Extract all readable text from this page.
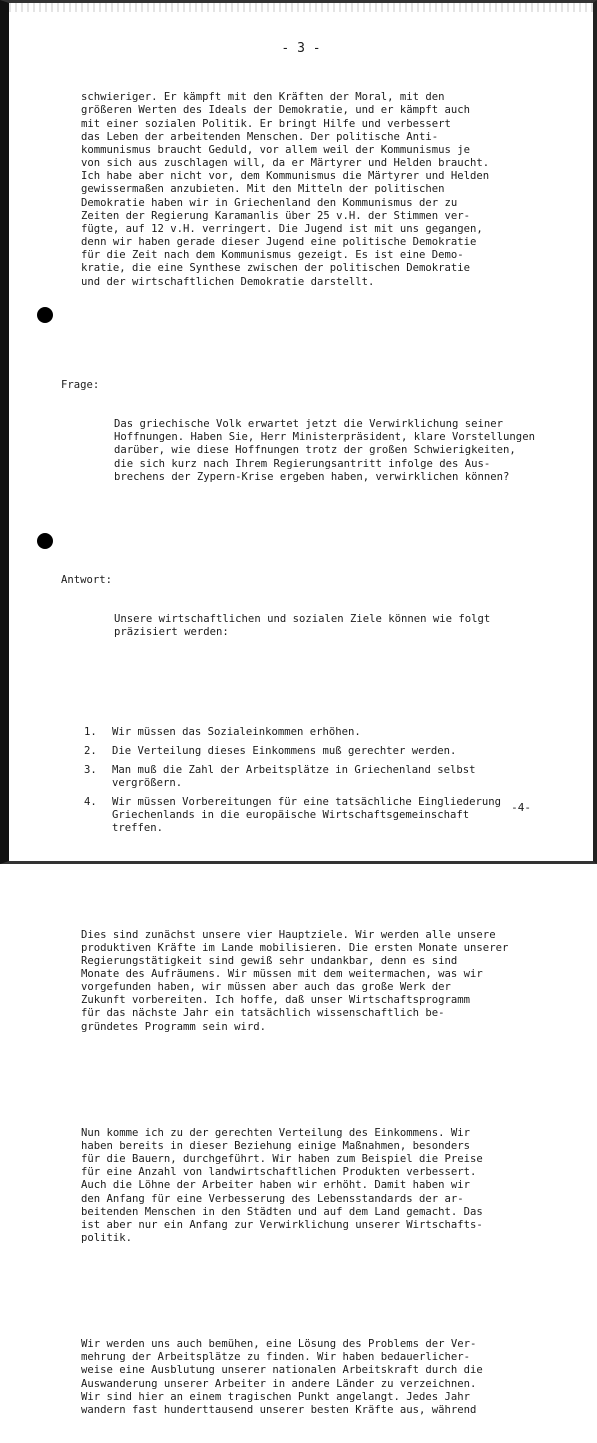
- 3 -

schwieriger. Er kämpft mit den Kräften der Moral, mit den
größeren Werten des Ideals der Demokratie, und er kämpft auch
mit einer sozialen Politik. Er bringt Hilfe und verbessert
das Leben der arbeitenden Menschen. Der politische Anti-
kommunismus braucht Geduld, vor allem weil der Kommunismus je
von sich aus zuschlagen will, da er Märtyrer und Helden braucht.
Ich habe aber nicht vor, dem Kommunismus die Märtyrer und Helden
gewissermaßen anzubieten. Mit den Mitteln der politischen
Demokratie haben wir in Griechenland den Kommunismus der zu
Zeiten der Regierung Karamanlis über 25 v.H. der Stimmen ver-
fügte, auf 12 v.H. verringert. Die Jugend ist mit uns gegangen,
denn wir haben gerade dieser Jugend eine politische Demokratie
für die Zeit nach dem Kommunismus gezeigt. Es ist eine Demo-
kratie, die eine Synthese zwischen der politischen Demokratie
und der wirtschaftlichen Demokratie darstellt.

Frage:

Das griechische Volk erwartet jetzt die Verwirklichung seiner
Hoffnungen. Haben Sie, Herr Ministerpräsident, klare Vorstellungen
darüber, wie diese Hoffnungen trotz der großen Schwierigkeiten,
die sich kurz nach Ihrem Regierungsantritt infolge des Aus-
brechens der Zypern-Krise ergeben haben, verwirklichen können?

Antwort:

Unsere wirtschaftlichen und sozialen Ziele können wie folgt
präzisiert werden:

1. Wir müssen das Sozialeinkommen erhöhen.
2. Die Verteilung dieses Einkommens muß gerechter werden.
3. Man muß die Zahl der Arbeitsplätze in Griechenland selbst
vergrößern.
4. Wir müssen Vorbereitungen für eine tatsächliche Eingliederung
Griechenlands in die europäische Wirtschaftsgemeinschaft
treffen.

Dies sind zunächst unsere vier Hauptziele. Wir werden alle unsere
produktiven Kräfte im Lande mobilisieren. Die ersten Monate unserer
Regierungstätigkeit sind gewiß sehr undankbar, denn es sind
Monate des Aufräumens. Wir müssen mit dem weitermachen, was wir
vorgefunden haben, wir müssen aber auch das große Werk der
Zukunft vorbereiten. Ich hoffe, daß unser Wirtschaftsprogramm
für das nächste Jahr ein tatsächlich wissenschaftlich be-
gründetes Programm sein wird.

Nun komme ich zu der gerechten Verteilung des Einkommens. Wir
haben bereits in dieser Beziehung einige Maßnahmen, besonders
für die Bauern, durchgeführt. Wir haben zum Beispiel die Preise
für eine Anzahl von landwirtschaftlichen Produkten verbessert.
Auch die Löhne der Arbeiter haben wir erhöht. Damit haben wir
den Anfang für eine Verbesserung des Lebensstandards der ar-
beitenden Menschen in den Städten und auf dem Land gemacht. Das
ist aber nur ein Anfang zur Verwirklichung unserer Wirtschafts-
politik.

Wir werden uns auch bemühen, eine Lösung des Problems der Ver-
mehrung der Arbeitsplätze zu finden. Wir haben bedauerlicher-
weise eine Ausblutung unserer nationalen Arbeitskraft durch die
Auswanderung unserer Arbeiter in andere Länder zu verzeichnen.
Wir sind hier an einem tragischen Punkt angelangt. Jedes Jahr
wandern fast hunderttausend unserer besten Kräfte aus, während

-4-
